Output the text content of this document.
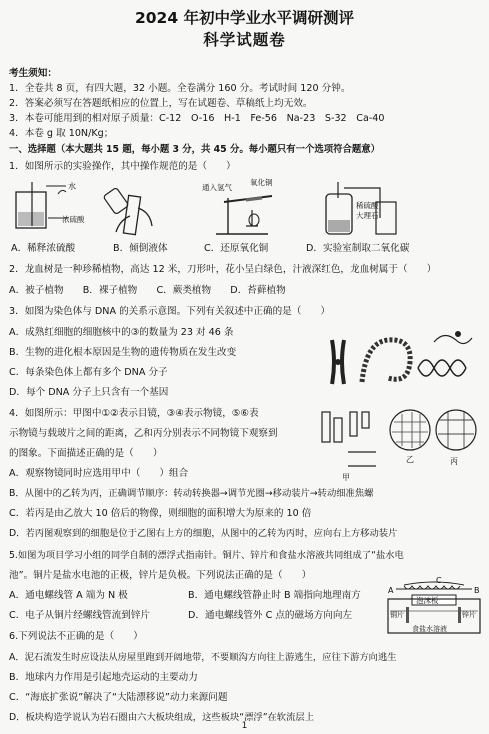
2024 年初中学业水平调研测评
科学试题卷
考生须知：
1．全卷共 8 页，有四大题，32 小题。全卷满分 160 分。考试时间 120 分钟。
2．答案必须写在答题纸相应的位置上，写在试题卷、草稿纸上均无效。
3．本卷可能用到的相对原子质量：C-12　O-16　H-1　Fe-56　Na-23　S-32　Ca-40
4．本卷 g 取 10N/Kg；
一、选择题（本大题共 15 题，每小题 3 分，共 45 分。每小题只有一个选项符合题意）
1．如图所示的实验操作，其中操作规范的是（　　）
水
浓硫酸
通入氢气
氧化铜
稀硫酸
大理石
A．稀释浓硫酸	B．倾倒液体	C．还原氧化铜	D．实验室制取二氧化碳
2．龙血树是一种珍稀植物，高达 12 米，刀形叶，花小呈白绿色，汁液深红色，龙血树属于（　　）
A．被子植物　　B．裸子植物　　C．蕨类植物　　D．苔藓植物
3．如图为染色体与 DNA 的关系示意图。下列有关叙述中正确的是（　　）
A．成熟红细胞的细胞核中的③的数量为 23 对 46 条
B．生物的进化根本原因是生物的遗传物质在发生改变
C．每条染色体上都有多个 DNA 分子
D．每个 DNA 分子上只含有一个基因
4．如图所示：甲图中①②表示目镜，③④表示物镜，⑤⑥表
示物镜与载玻片之间的距离，乙和丙分别表示不同物镜下观察到
的图象。下面描述正确的是（　　）
A．观察物镜同时应选用甲中（　　）组合	甲
乙	丙
B．从图中的乙转为丙，正确调节顺序：转动转换器→调节光圈→移动装片→转动细准焦螺
C．若丙是由乙放大 10 倍后的物像，则细胞的面积增大为原来的 10 倍
D．若丙图观察到的细胞是位于乙图右上方的细胞，从图中的乙转为丙时，应向右上方移动装片
5.如图为项目学习小组的同学自制的漂浮式指南针。铜片、锌片和食盐水溶液共同组成了“盐水电
池”。铜片是盐水电池的正极，锌片是负极。下列说法正确的是（　　）
A．通电螺线管 A 端为 N 极	B．通电螺线管静止时 B 端指向地理南方
C．电子从铜片经螺线管流到锌片	D．通电螺线管外 C 点的磁场方向向左
C
A	B
泡沫板
铜片	锌片
食盐水溶液
6.下列说法不正确的是（　　）
A．泥石流发生时应设法从房屋里跑到开阔地带，不要顺沟方向往上游逃生，应往下游方向逃生
B．地球内力作用是引起地壳运动的主要动力
C．“海底扩张说”解决了“大陆漂移说”动力来源问题
D．板块构造学说认为岩石圈由六大板块组成，这些板块“漂浮”在软流层上
1
